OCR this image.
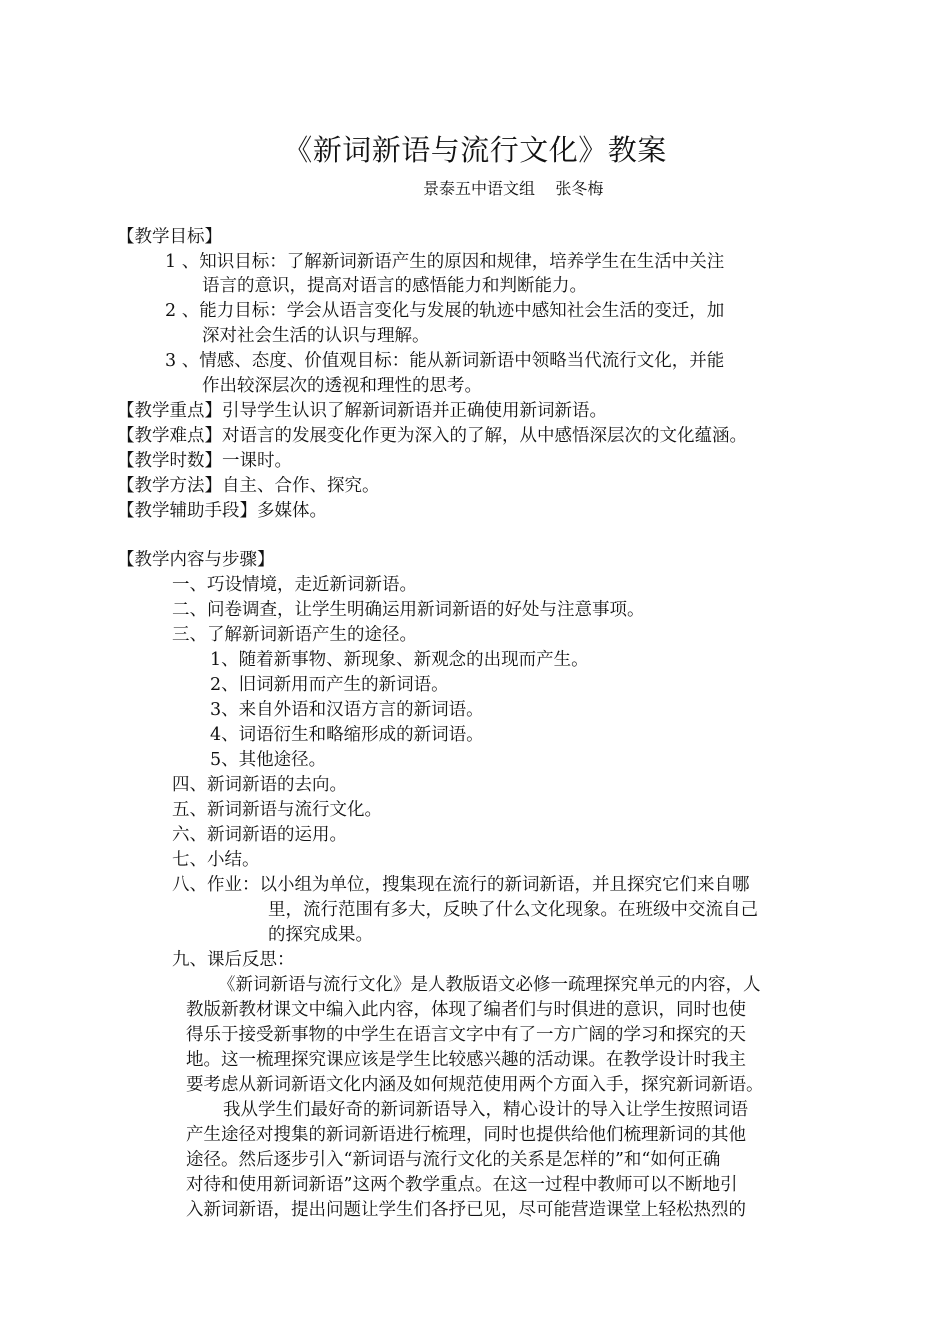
《新词新语与流行文化》教案
景泰五中语文组    张冬梅
【教学目标】
1 、知识目标：了解新词新语产生的原因和规律，培养学生在生活中关注
语言的意识，提高对语言的感悟能力和判断能力。
2 、能力目标：学会从语言变化与发展的轨迹中感知社会生活的变迁，加
深对社会生活的认识与理解。
3 、情感、态度、价值观目标：能从新词新语中领略当代流行文化，并能
作出较深层次的透视和理性的思考。
【教学重点】引导学生认识了解新词新语并正确使用新词新语。
【教学难点】对语言的发展变化作更为深入的了解，从中感悟深层次的文化蕴涵。
【教学时数】一课时。
【教学方法】自主、合作、探究。
【教学辅助手段】多媒体。
【教学内容与步骤】
一、巧设情境，走近新词新语。
二、问卷调查，让学生明确运用新词新语的好处与注意事项。
三、了解新词新语产生的途径。
1、随着新事物、新现象、新观念的出现而产生。
2、旧词新用而产生的新词语。
3、来自外语和汉语方言的新词语。
4、词语衍生和略缩形成的新词语。
5、其他途径。
四、新词新语的去向。
五、新词新语与流行文化。
六、新词新语的运用。
七、小结。
八、作业：以小组为单位，搜集现在流行的新词新语，并且探究它们来自哪
里，流行范围有多大，反映了什么文化现象。在班级中交流自己
的探究成果。
九、课后反思：
《新词新语与流行文化》是人教版语文必修一疏理探究单元的内容，人
教版新教材课文中编入此内容，体现了编者们与时俱进的意识，同时也使
得乐于接受新事物的中学生在语言文字中有了一方广阔的学习和探究的天
地。这一梳理探究课应该是学生比较感兴趣的活动课。在教学设计时我主
要考虑从新词新语文化内涵及如何规范使用两个方面入手，探究新词新语。
我从学生们最好奇的新词新语导入，精心设计的导入让学生按照词语
产生途径对搜集的新词新语进行梳理，同时也提供给他们梳理新词的其他
途径。然后逐步引入“新词语与流行文化的关系是怎样的”和“如何正确
对待和使用新词新语”这两个教学重点。在这一过程中教师可以不断地引
入新词新语，提出问题让学生们各抒已见，尽可能营造课堂上轻松热烈的
